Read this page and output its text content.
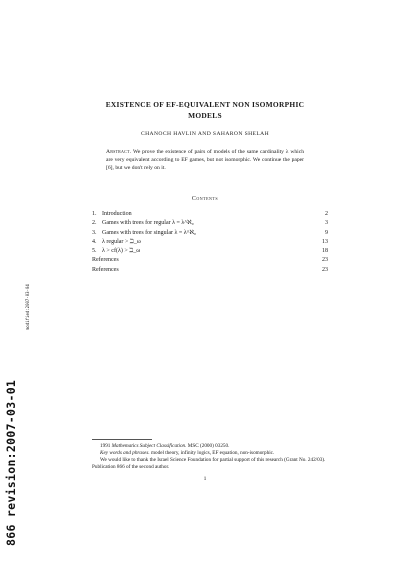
modified:2007-03-04
866 revision:2007-03-01
EXISTENCE OF EF-EQUIVALENT NON ISOMORPHIC
MODELS
CHANOCH HAVLIN AND SAHARON SHELAH
Abstract. We prove the existence of pairs of models of the same cardinality λ which are very equivalent according to EF games, but not isomorphic. We continue the paper [6], but we don't rely on it.
Contents
1. Introduction	2
2. Games with trees for regular λ = λ^ℵ₀	3
3. Games with trees for singular λ = λ^ℵ₀	9
4. λ regular > ℶ_ω	13
5. λ > cf(λ) > ℶ_ω	18
References	23
References	23
1991 Mathematics Subject Classification. MSC (2000) 03250.
Key words and phrases. model theory, infinity logics, EF equation, non-isomorphic.
We would like to thank the Israel Science Foundation for partial support of this research (Grant No. 242/03). Publication 866 of the second author.
1
